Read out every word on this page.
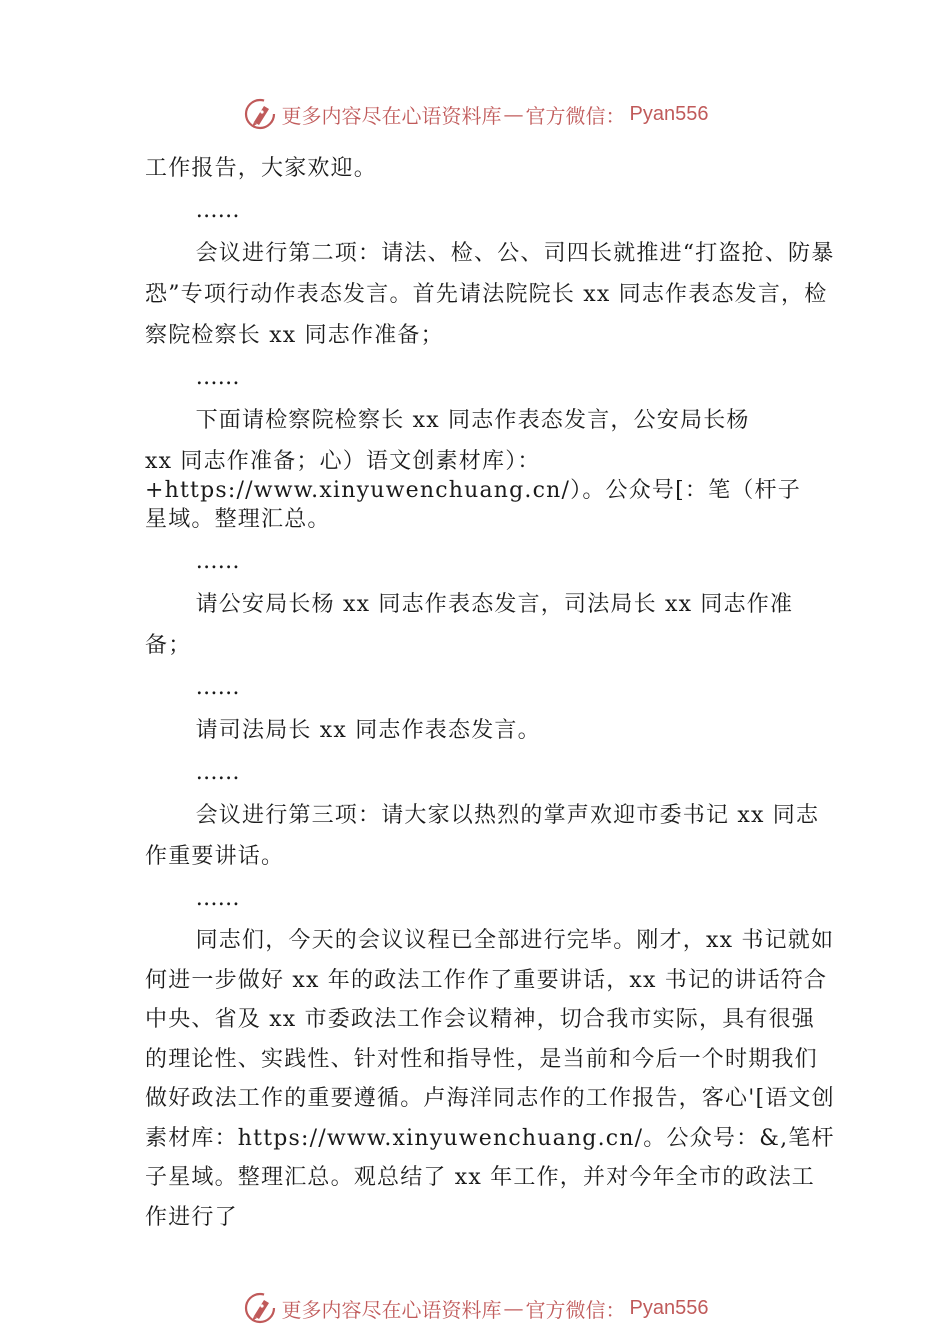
更多内容尽在心语资料库 — 官方微信： Pyan556

工作报告，大家欢迎。

……

会议进行第二项：请法、检、公、司四长就推进“打盗抢、防暴恐”专项行动作表态发言。首先请法院院长 xx 同志作表态发言，检察院检察长 xx 同志作准备；

……

下面请检察院检察长 xx 同志作表态发言，公安局长杨

xx 同志作准备；心）语文创素材库）：

+https://www.xinyuwenchuang.cn/）。公众号[：笔（杆子

星域。整理汇总。

……

请公安局长杨 xx 同志作表态发言，司法局长 xx 同志作准备；

……

请司法局长 xx 同志作表态发言。

……

会议进行第三项：请大家以热烈的掌声欢迎市委书记 xx 同志作重要讲话。

……

同志们，今天的会议议程已全部进行完毕。刚才，xx 书记就如何进一步做好 xx 年的政法工作作了重要讲话，xx 书记的讲话符合中央、省及 xx 市委政法工作会议精神，切合我市实际，具有很强的理论性、实践性、针对性和指导性，是当前和今后一个时期我们做好政法工作的重要遵循。卢海洋同志作的工作报告，客心'[语文创素材库：https://www.xinyuwenchuang.cn/。公众号：&,笔杆子星域。整理汇总。观总结了 xx 年工作，并对今年全市的政法工作进行了

更多内容尽在心语资料库 — 官方微信： Pyan556
